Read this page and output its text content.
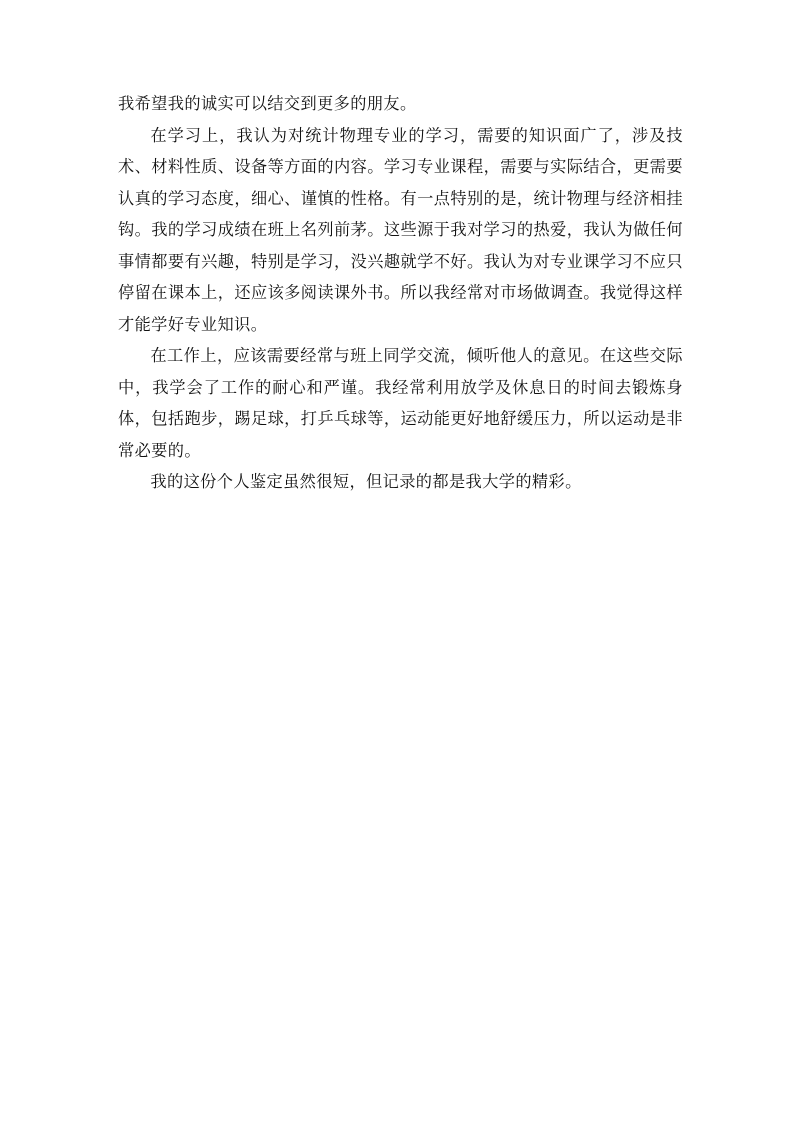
我希望我的诚实可以结交到更多的朋友。

在学习上，我认为对统计物理专业的学习，需要的知识面广了，涉及技术、材料性质、设备等方面的内容。学习专业课程，需要与实际结合，更需要认真的学习态度，细心、谨慎的性格。有一点特别的是，统计物理与经济相挂钩。我的学习成绩在班上名列前茅。这些源于我对学习的热爱，我认为做任何事情都要有兴趣，特别是学习，没兴趣就学不好。我认为对专业课学习不应只停留在课本上，还应该多阅读课外书。所以我经常对市场做调查。我觉得这样才能学好专业知识。

在工作上，应该需要经常与班上同学交流，倾听他人的意见。在这些交际中，我学会了工作的耐心和严谨。我经常利用放学及休息日的时间去锻炼身体，包括跑步，踢足球，打乒乓球等，运动能更好地舒缓压力，所以运动是非常必要的。

我的这份个人鉴定虽然很短，但记录的都是我大学的精彩。
